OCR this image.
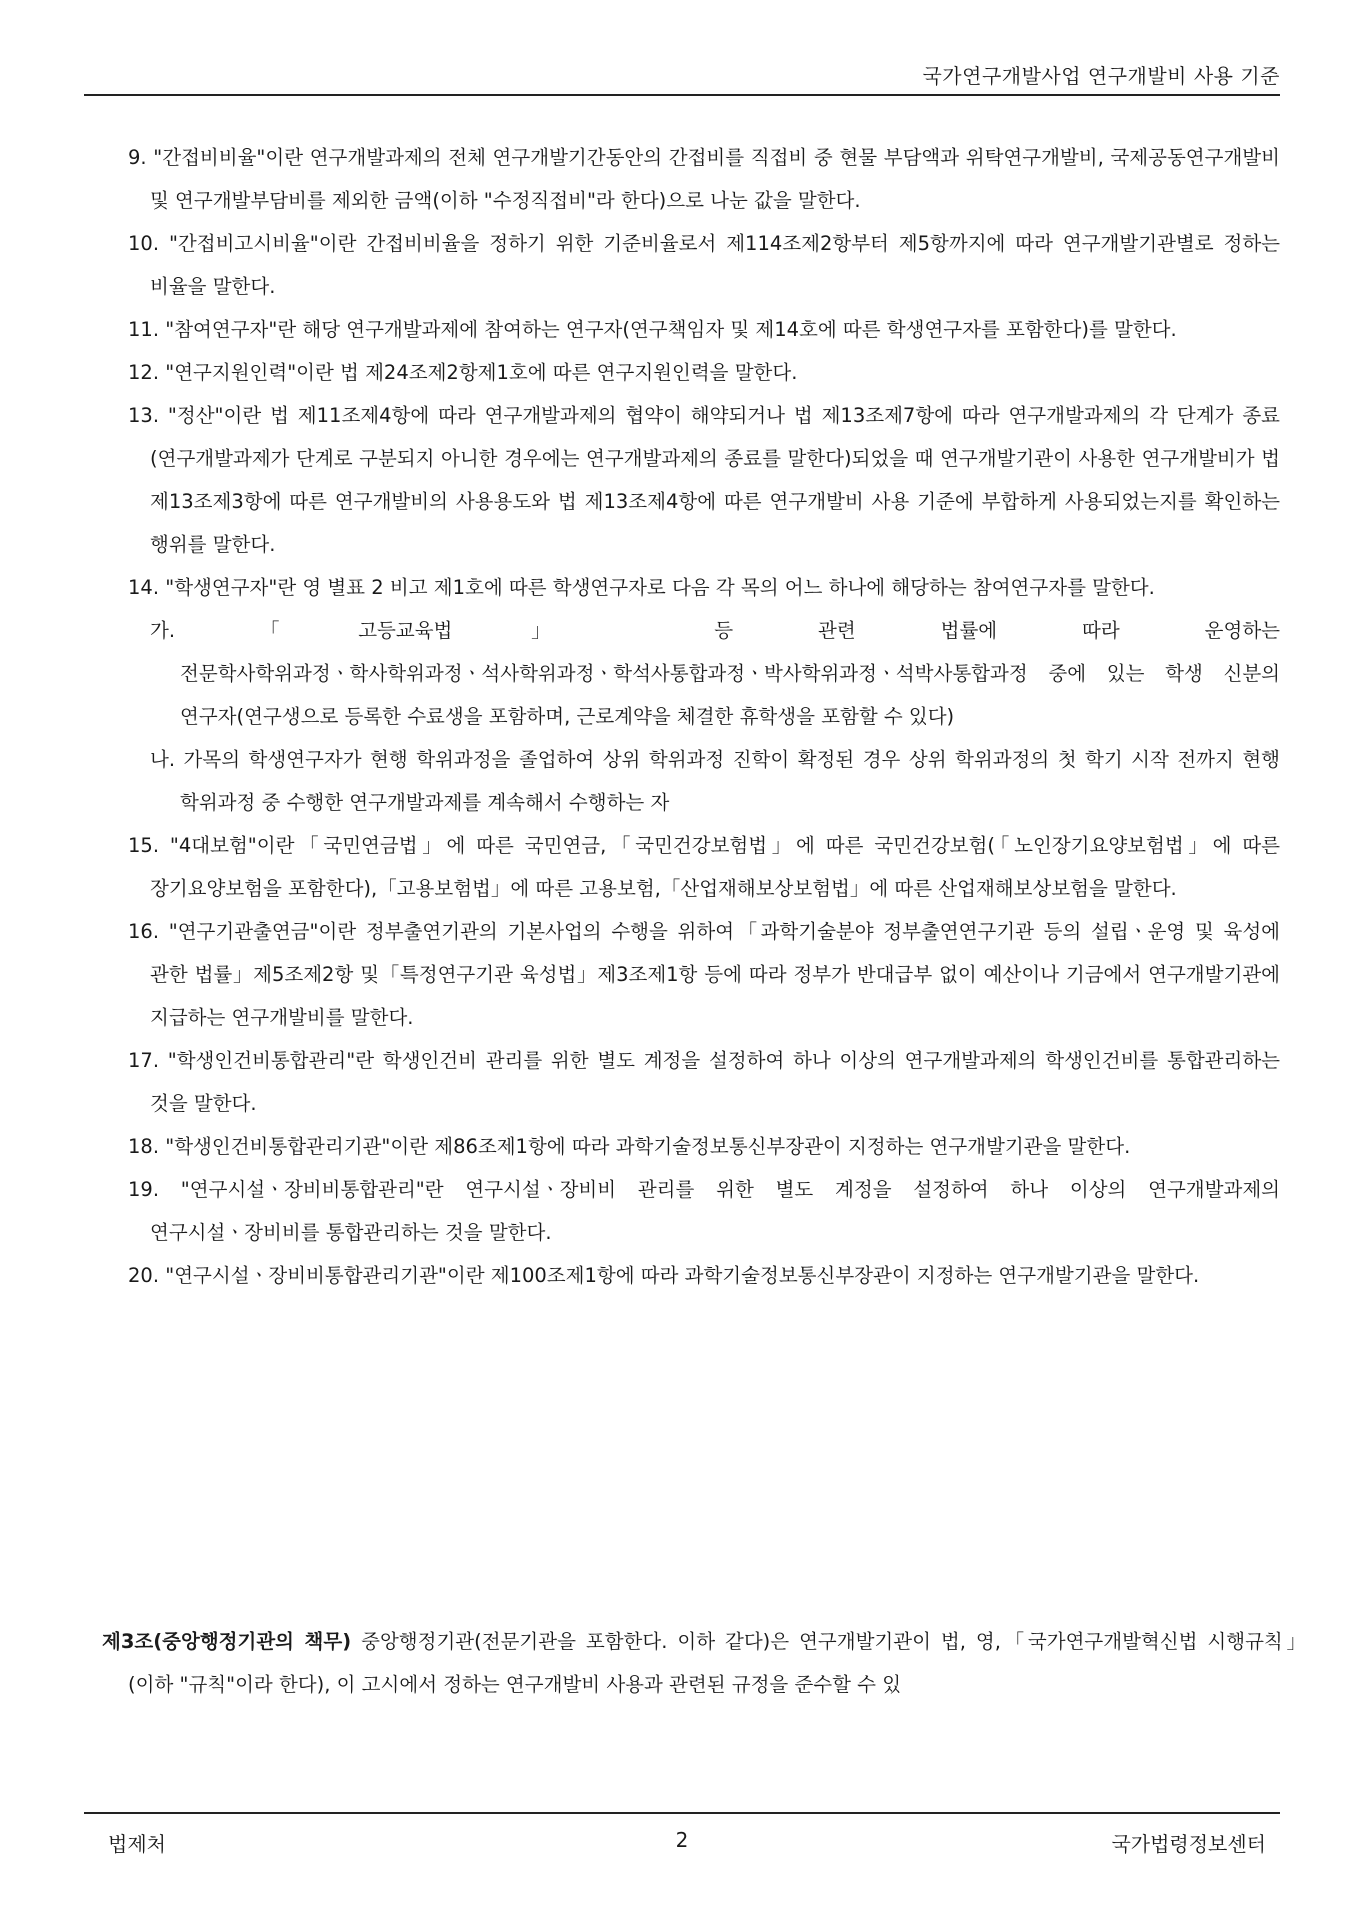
국가연구개발사업 연구개발비 사용 기준
9. "간접비비율"이란 연구개발과제의 전체 연구개발기간동안의 간접비를 직접비 중 현물 부담액과 위탁연구개발비, 국제공동연구개발비 및 연구개발부담비를 제외한 금액(이하 "수정직접비"라 한다)으로 나눈 값을 말한다.
10. "간접비고시비율"이란 간접비비율을 정하기 위한 기준비율로서 제114조제2항부터 제5항까지에 따라 연구개발기관별로 정하는 비율을 말한다.
11. "참여연구자"란 해당 연구개발과제에 참여하는 연구자(연구책임자 및 제14호에 따른 학생연구자를 포함한다)를 말한다.
12. "연구지원인력"이란 법 제24조제2항제1호에 따른 연구지원인력을 말한다.
13. "정산"이란 법 제11조제4항에 따라 연구개발과제의 협약이 해약되거나 법 제13조제7항에 따라 연구개발과제의 각 단계가 종료(연구개발과제가 단계로 구분되지 아니한 경우에는 연구개발과제의 종료를 말한다)되었을 때 연구개발기관이 사용한 연구개발비가 법 제13조제3항에 따른 연구개발비의 사용용도와 법 제13조제4항에 따른 연구개발비 사용 기준에 부합하게 사용되었는지를 확인하는 행위를 말한다.
14. "학생연구자"란 영 별표 2 비고 제1호에 따른 학생연구자로 다음 각 목의 어느 하나에 해당하는 참여연구자를 말한다.
가.	「고등교육법」 등 관련 법률에 따라 운영하는 전문학사학위과정ㆍ학사학위과정ㆍ석사학위과정ㆍ학석사통합과정ㆍ박사학위과정ㆍ석박사통합과정 중에 있는 학생 신분의 연구자(연구생으로 등록한 수료생을 포함하며, 근로계약을 체결한 휴학생을 포함할 수 있다)
나. 가목의 학생연구자가 현행 학위과정을 졸업하여 상위 학위과정 진학이 확정된 경우 상위 학위과정의 첫 학기 시작 전까지 현행 학위과정 중 수행한 연구개발과제를 계속해서 수행하는 자
15. "4대보험"이란「국민연금법」에 따른 국민연금,「국민건강보험법」에 따른 국민건강보험(「노인장기요양보험법」에 따른 장기요양보험을 포함한다),「고용보험법」에 따른 고용보험,「산업재해보상보험법」에 따른 산업재해보상보험을 말한다.
16. "연구기관출연금"이란 정부출연기관의 기본사업의 수행을 위하여「과학기술분야 정부출연연구기관 등의 설립ㆍ운영 및 육성에 관한 법률」제5조제2항 및「특정연구기관 육성법」제3조제1항 등에 따라 정부가 반대급부 없이 예산이나 기금에서 연구개발기관에 지급하는 연구개발비를 말한다.
17. "학생인건비통합관리"란 학생인건비 관리를 위한 별도 계정을 설정하여 하나 이상의 연구개발과제의 학생인건비를 통합관리하는 것을 말한다.
18. "학생인건비통합관리기관"이란 제86조제1항에 따라 과학기술정보통신부장관이 지정하는 연구개발기관을 말한다.
19. "연구시설ㆍ장비비통합관리"란 연구시설ㆍ장비비 관리를 위한 별도 계정을 설정하여 하나 이상의 연구개발과제의 연구시설ㆍ장비비를 통합관리하는 것을 말한다.
20. "연구시설ㆍ장비비통합관리기관"이란 제100조제1항에 따라 과학기술정보통신부장관이 지정하는 연구개발기관을 말한다.
제3조(중앙행정기관의 책무) 중앙행정기관(전문기관을 포함한다. 이하 같다)은 연구개발기관이 법, 영,「국가연구개발혁신법 시행규칙」(이하 "규칙"이라 한다), 이 고시에서 정하는 연구개발비 사용과 관련된 규정을 준수할 수 있
법제처	2	국가법령정보센터
